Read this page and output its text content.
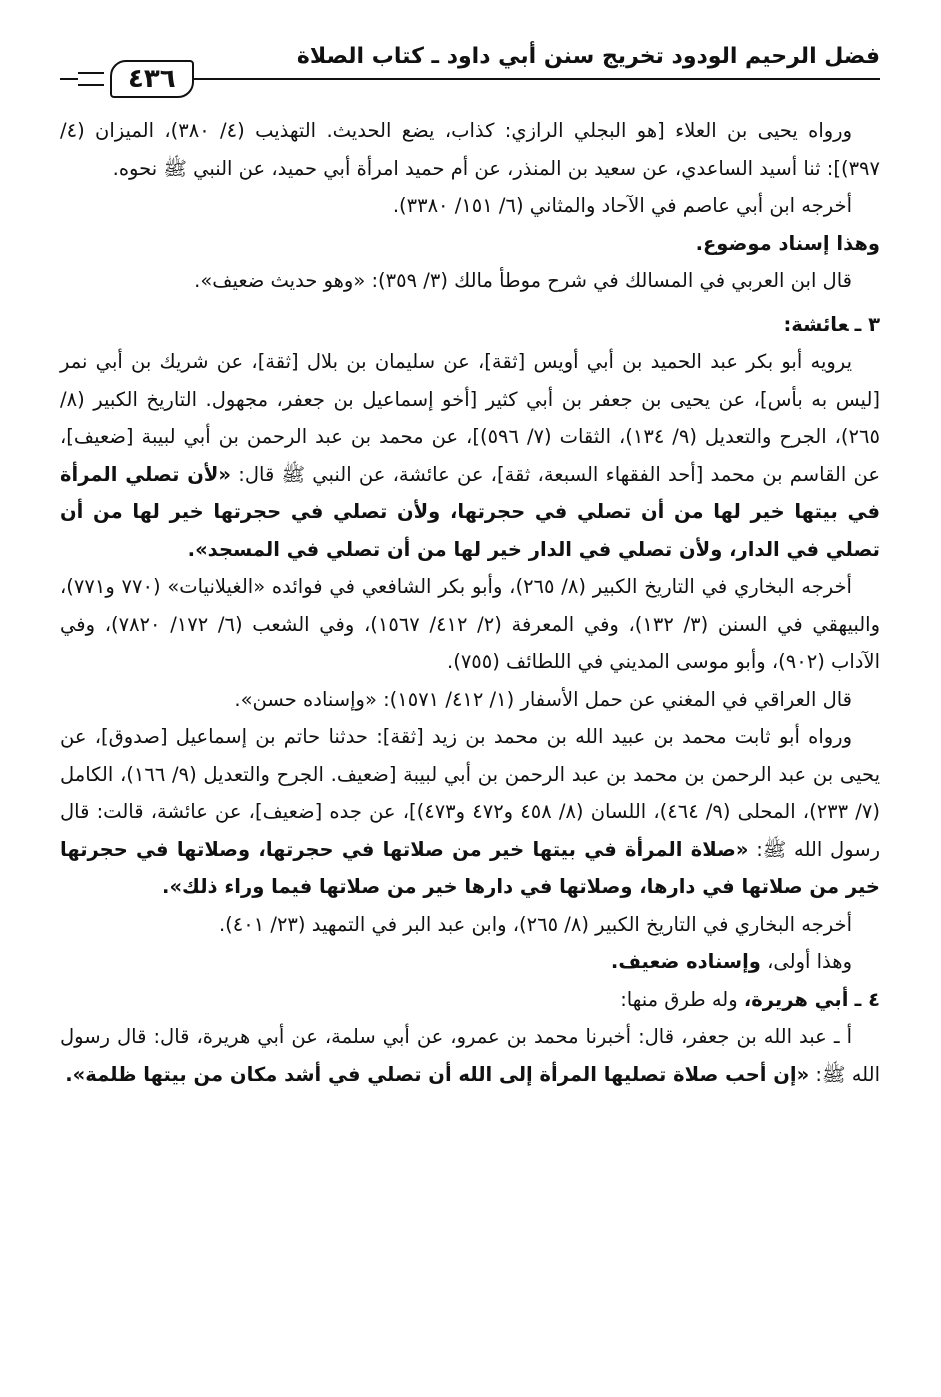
فضل الرحيم الودود تخريج سنن أبي داود ـ كتاب الصلاة
٤٣٦

ورواه يحيى بن العلاء [هو البجلي الرازي: كذاب، يضع الحديث. التهذيب (٤/ ٣٨٠)، الميزان (٤/ ٣٩٧)]: ثنا أسيد الساعدي، عن سعيد بن المنذر، عن أم حميد امرأة أبي حميد، عن النبي ﷺ نحوه.

أخرجه ابن أبي عاصم في الآحاد والمثاني (٦/ ١٥١/ ٣٣٨٠).

وهذا إسناد موضوع.

قال ابن العربي في المسالك في شرح موطأ مالك (٣/ ٣٥٩): «وهو حديث ضعيف».

٣ ـعائشة:

يرويه أبو بكر عبد الحميد بن أبي أويس [ثقة]، عن سليمان بن بلال [ثقة]، عن شريك بن أبي نمر [ليس به بأس]، عن يحيى بن جعفر بن أبي كثير [أخو إسماعيل بن جعفر، مجهول. التاريخ الكبير (٨/ ٢٦٥)، الجرح والتعديل (٩/ ١٣٤)، الثقات (٧/ ٥٩٦)]، عن محمد بن عبد الرحمن بن أبي لبيبة [ضعيف]، عن القاسم بن محمد [أحد الفقهاء السبعة، ثقة]، عن عائشة، عن النبي ﷺ قال: «لأن تصلي المرأة في بيتها خير لها من أن تصلي في حجرتها، ولأن تصلي في حجرتها خير لها من أن تصلي في الدار، ولأن تصلي في الدار خير لها من أن تصلي في المسجد».

أخرجه البخاري في التاريخ الكبير (٨/ ٢٦٥)، وأبو بكر الشافعي في فوائده «الغيلانيات» (٧٧٠ و٧٧١)، والبيهقي في السنن (٣/ ١٣٢)، وفي المعرفة (٢/ ٤١٢/ ١٥٦٧)، وفي الشعب (٦/ ١٧٢/ ٧٨٢٠)، وفي الآداب (٩٠٢)، وأبو موسى المديني في اللطائف (٧٥٥).

قال العراقي في المغني عن حمل الأسفار (١/ ٤١٢/ ١٥٧١): «وإسناده حسن».

ورواه أبو ثابت محمد بن عبيد الله بن محمد بن زيد [ثقة]: حدثنا حاتم بن إسماعيل [صدوق]، عن يحيى بن عبد الرحمن بن محمد بن عبد الرحمن بن أبي لبيبة [ضعيف. الجرح والتعديل (٩/ ١٦٦)، الكامل (٧/ ٢٣٣)، المحلى (٩/ ٤٦٤)، اللسان (٨/ ٤٥٨ و٤٧٢ و٤٧٣)]، عن جده [ضعيف]، عن عائشة، قالت: قال رسول الله ﷺ: «صلاة المرأة في بيتها خير من صلاتها في حجرتها، وصلاتها في حجرتها خير من صلاتها في دارها، وصلاتها في دارها خير من صلاتها فيما وراء ذلك».

أخرجه البخاري في التاريخ الكبير (٨/ ٢٦٥)، وابن عبد البر في التمهيد (٢٣/ ٤٠١).

وهذا أولى، وإسناده ضعيف.

٤ ـ أبي هريرة، وله طرق منها:

أ ـ عبد الله بن جعفر، قال: أخبرنا محمد بن عمرو، عن أبي سلمة، عن أبي هريرة، قال: قال رسول الله ﷺ: «إن أحب صلاة تصليها المرأة إلى الله أن تصلي في أشد مكان من بيتها ظلمة».
